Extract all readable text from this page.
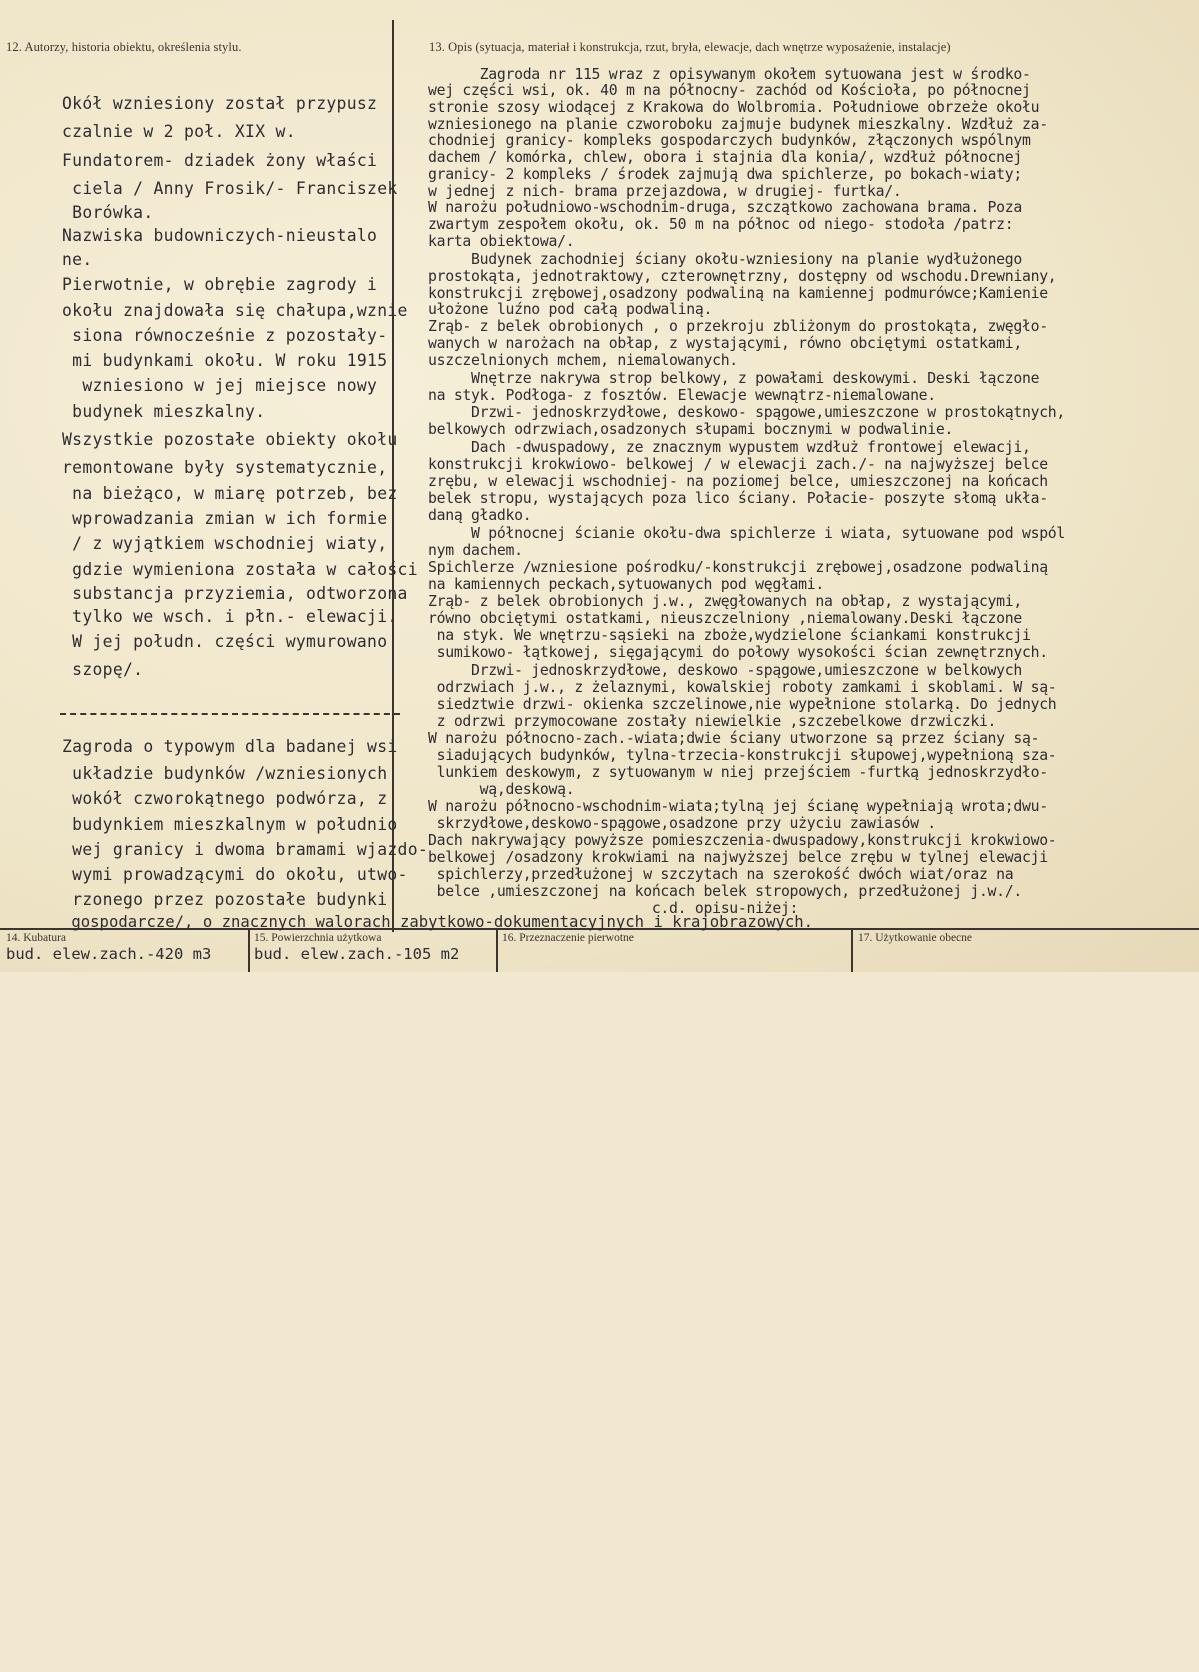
12. Autorzy, historia obiektu, określenia stylu.	13. Opis (sytuacja, materiał i konstrukcja, rzut, bryła, elewacje, dach wnętrze wyposażenie, instalacje)

Okół wzniesiony został przypusz

czalnie w 2 poł. XIX w.

Fundatorem- dziadek żony właści

ciela / Anny Frosik/- Franciszek

Borówka.

Nazwiska budowniczych-nieustalo

ne.

Pierwotnie, w obrębie zagrody i

okołu znajdowała się chałupa,wznie

siona równocześnie z pozostały-

mi budynkami okołu. W roku 1915

wzniesiono w jej miejsce nowy

budynek mieszkalny.

Wszystkie pozostałe obiekty okołu

remontowane były systematycznie,

na bieżąco, w miarę potrzeb, bez

wprowadzania zmian w ich formie

/ z wyjątkiem wschodniej wiaty,

gdzie wymieniona została w całości

substancja przyziemia, odtworzona

tylko we wsch. i płn.- elewacji.

W jej połudn. części wymurowano

szopę/.

Zagroda o typowym dla badanej wsi

układzie budynków /wzniesionych

wokół czworokątnego podwórza, z

budynkiem mieszkalnym w południo

wej granicy i dwoma bramami wjazdo-

wymi prowadzącymi do okołu, utwo-

rzonego przez pozostałe budynki

gospodarcze/, o znacznych walorach zabytkowo-dokumentacyjnych i krajobrazowych.

Zagroda nr 115 wraz z opisywanym okołem sytuowana jest w środko-

wej części wsi, ok. 40 m na północny- zachód od Kościoła, po północnej

stronie szosy wiodącej z Krakowa do Wolbromia. Południowe obrzeże okołu

wzniesionego na planie czworoboku zajmuje budynek mieszkalny. Wzdłuż za-

chodniej granicy- kompleks gospodarczych budynków, złączonych wspólnym

dachem / komórka, chlew, obora i stajnia dla konia/, wzdłuż północnej

granicy- 2 kompleks / środek zajmują dwa spichlerze, po bokach-wiaty;

w jednej z nich- brama przejazdowa, w drugiej- furtka/.

W narożu południowo-wschodnim-druga, szczątkowo zachowana brama. Poza

zwartym zespołem okołu, ok. 50 m na północ od niego- stodoła /patrz:

karta obiektowa/.

Budynek zachodniej ściany okołu-wzniesiony na planie wydłużonego

prostokąta, jednotraktowy, czterownętrzny, dostępny od wschodu.Drewniany,

konstrukcji zrębowej,osadzony podwaliną na kamiennej podmurówce;Kamienie

ułożone luźno pod całą podwaliną.

Zrąb- z belek obrobionych , o przekroju zbliżonym do prostokąta, zwęgło-

wanych w narożach na obłap, z wystającymi, równo obciętymi ostatkami,

uszczelnionych mchem, niemalowanych.

Wnętrze nakrywa strop belkowy, z powałami deskowymi. Deski łączone

na styk. Podłoga- z fosztów. Elewacje wewnątrz-niemalowane.

Drzwi- jednoskrzydłowe, deskowo- spągowe,umieszczone w prostokątnych,

belkowych odrzwiach,osadzonych słupami bocznymi w podwalinie.

Dach -dwuspadowy, ze znacznym wypustem wzdłuż frontowej elewacji,

konstrukcji krokwiowo- belkowej / w elewacji zach./- na najwyższej belce

zrębu, w elewacji wschodniej- na poziomej belce, umieszczonej na końcach

belek stropu, wystających poza lico ściany. Połacie- poszyte słomą ukła-

daną gładko.

W północnej ścianie okołu-dwa spichlerze i wiata, sytuowane pod wspól

nym dachem.

Spichlerze /wzniesione pośrodku/-konstrukcji zrębowej,osadzone podwaliną

na kamiennych peckach,sytuowanych pod węgłami.

Zrąb- z belek obrobionych j.w., zwęgłowanych na obłap, z wystającymi,

równo obciętymi ostatkami, nieuszczelniony ,niemalowany.Deski łączone

na styk. We wnętrzu-sąsieki na zboże,wydzielone ściankami konstrukcji

sumikowo- łątkowej, sięgającymi do połowy wysokości ścian zewnętrznych.

Drzwi- jednoskrzydłowe, deskowo -spągowe,umieszczone w belkowych

odrzwiach j.w., z żelaznymi, kowalskiej roboty zamkami i skoblami. W są-

siedztwie drzwi- okienka szczelinowe,nie wypełnione stolarką. Do jednych

z odrzwi przymocowane zostały niewielkie ,szczebelkowe drzwiczki.

W narożu północno-zach.-wiata;dwie ściany utworzone są przez ściany są-

siadujących budynków, tylna-trzecia-konstrukcji słupowej,wypełnioną sza-

lunkiem deskowym, z sytuowanym w niej przejściem -furtką jednoskrzydło-

wą,deskową.

W narożu północno-wschodnim-wiata;tylną jej ścianę wypełniają wrota;dwu-

skrzydłowe,deskowo-spągowe,osadzone przy użyciu zawiasów .

Dach nakrywający powyższe pomieszczenia-dwuspadowy,konstrukcji krokwiowo-

belkowej /osadzony krokwiami na najwyższej belce zrębu w tylnej elewacji

spichlerzy,przedłużonej w szczytach na szerokość dwóch wiat/oraz na

belce ,umieszczonej na końcach belek stropowych, przedłużonej j.w./.

c.d. opisu-niżej:

14. Kubatura	15. Powierzchnia użytkowa	16. Przeznaczenie pierwotne	17. Użytkowanie obecne
bud. elew.zach.-420 m3	bud. elew.zach.-105 m2
